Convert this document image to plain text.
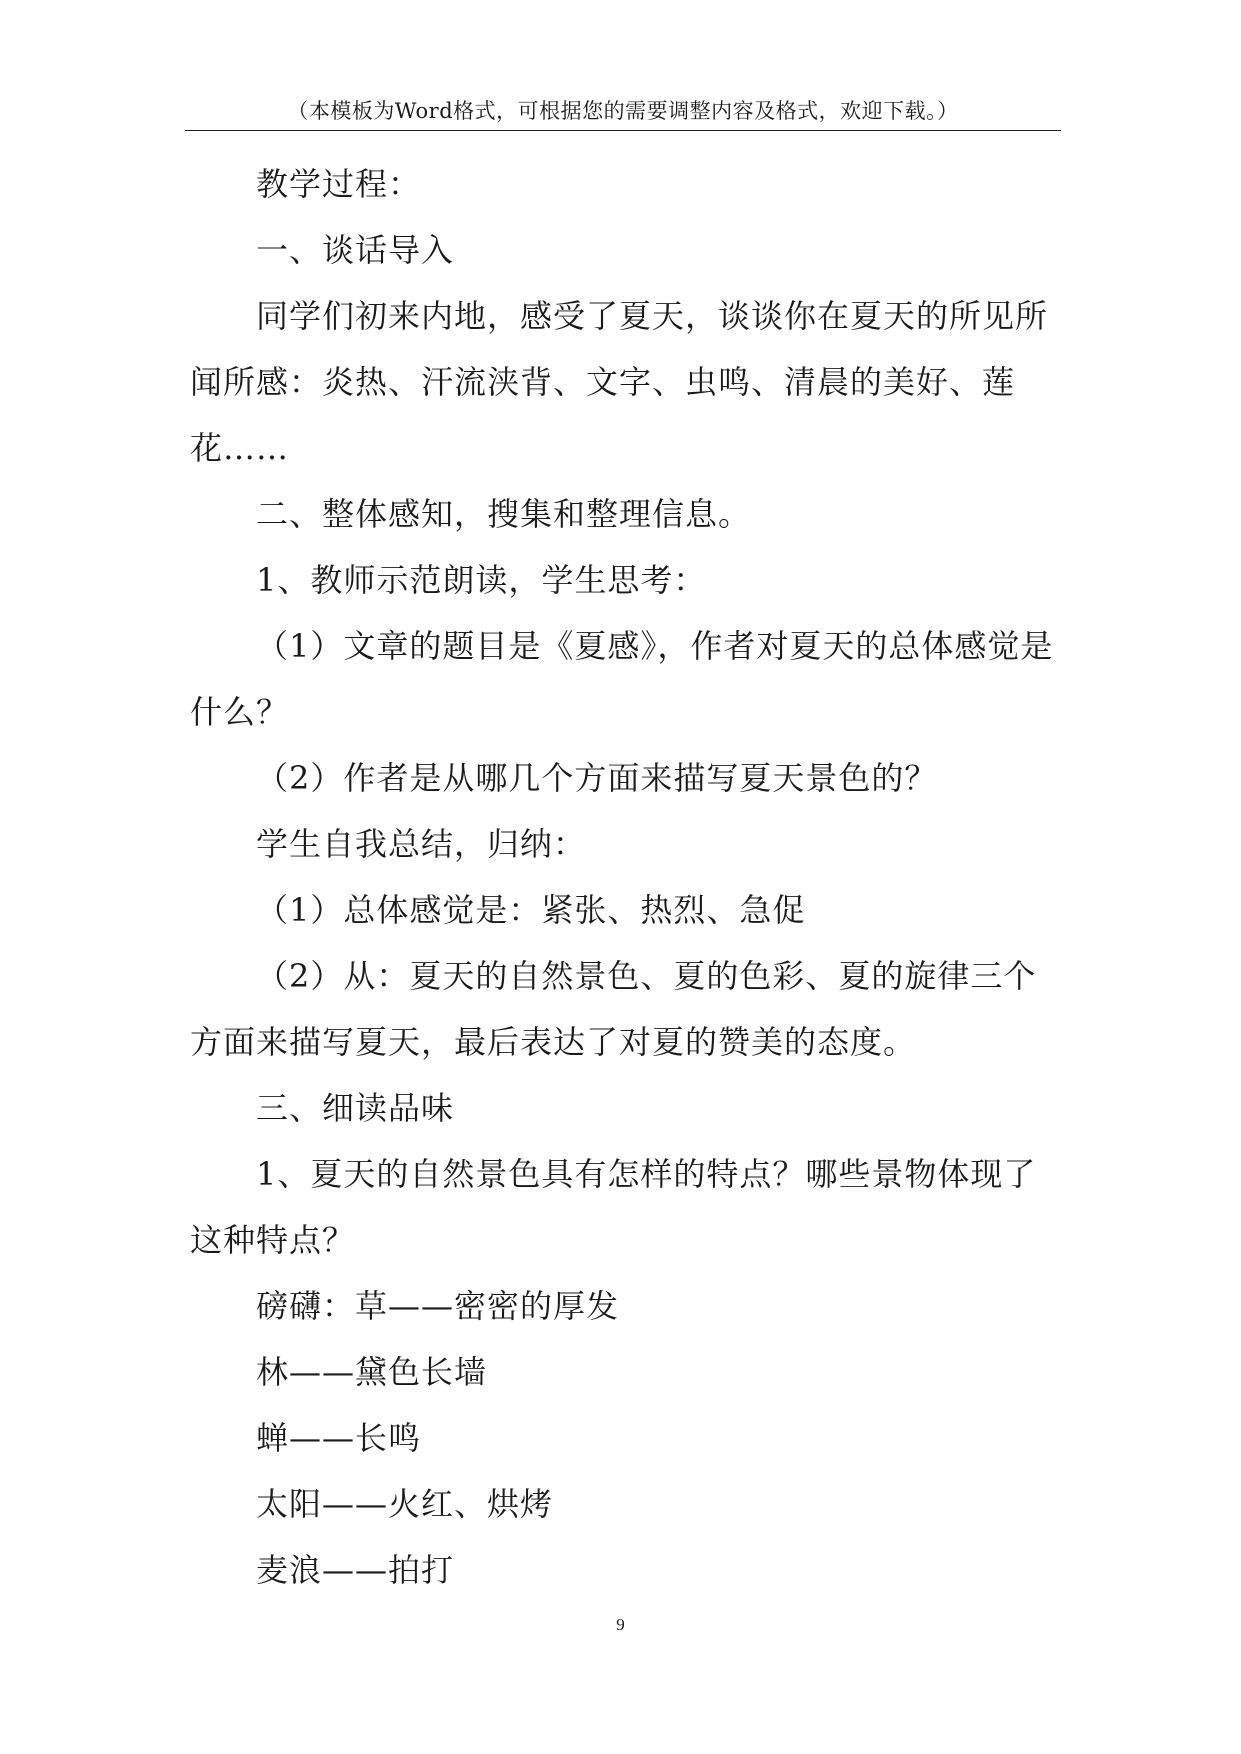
（本模板为Word格式，可根据您的需要调整内容及格式，欢迎下载。）

教学过程：

一、谈话导入

同学们初来内地，感受了夏天，谈谈你在夏天的所见所闻所感：炎热、汗流浃背、文字、虫鸣、清晨的美好、莲花……

二、整体感知，搜集和整理信息。

1、教师示范朗读，学生思考：

（1）文章的题目是《夏感》，作者对夏天的总体感觉是什么？

（2）作者是从哪几个方面来描写夏天景色的？

学生自我总结，归纳：

（1）总体感觉是：紧张、热烈、急促

（2）从：夏天的自然景色、夏的色彩、夏的旋律三个方面来描写夏天，最后表达了对夏的赞美的态度。

三、细读品味

1、夏天的自然景色具有怎样的特点？哪些景物体现了这种特点？

磅礴：草——密密的厚发

林——黛色长墙

蝉——长鸣

太阳——火红、烘烤

麦浪——拍打

9
